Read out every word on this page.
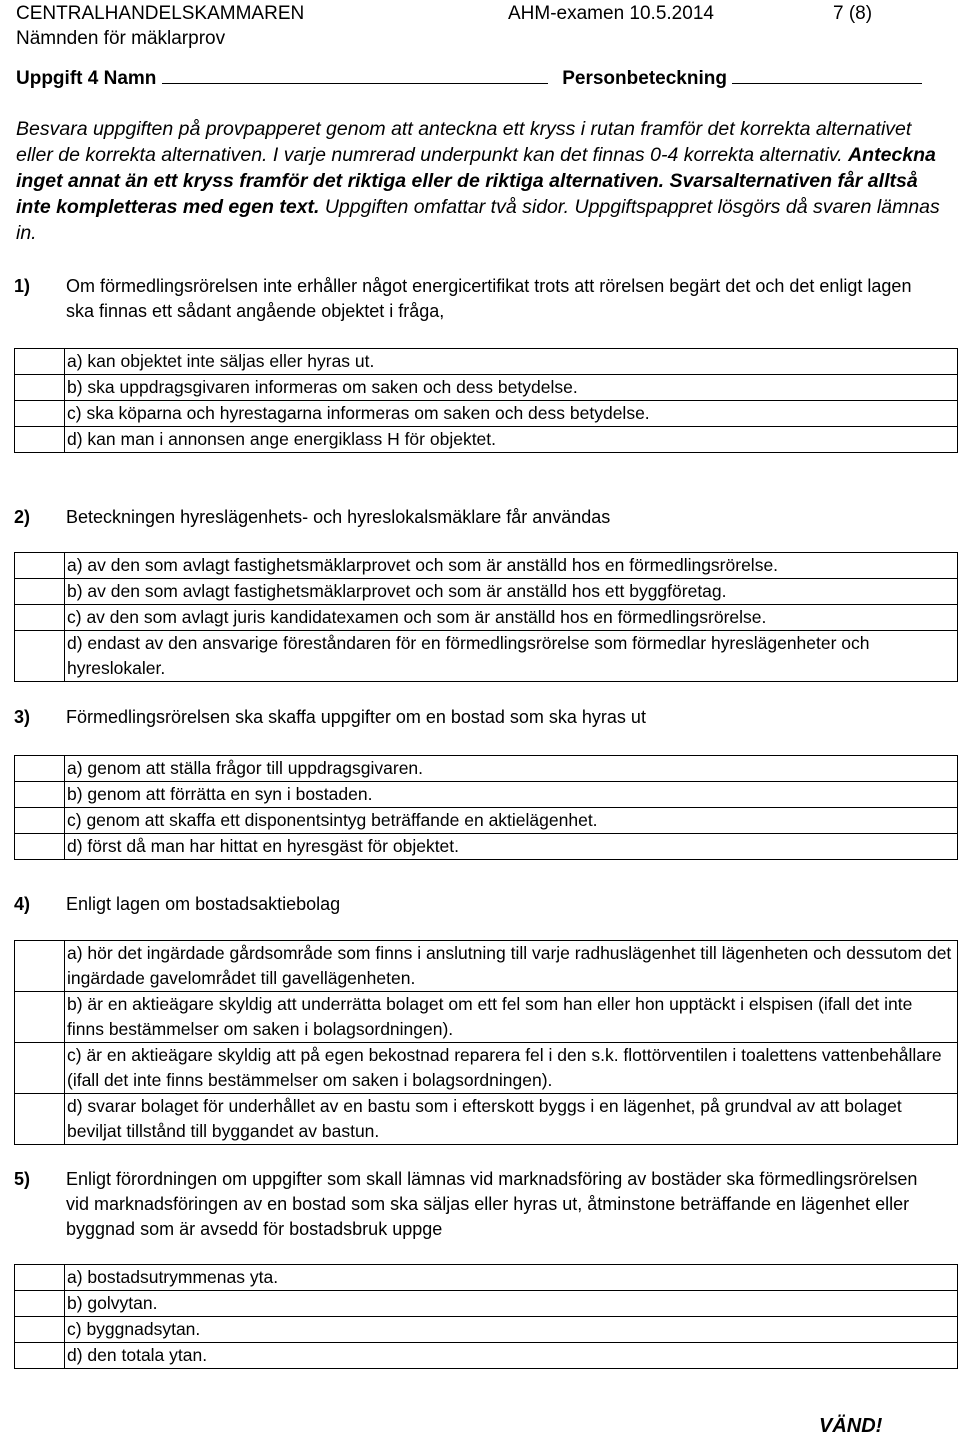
CENTRALHANDELSKAMMAREN	AHM-examen 10.5.2014	7 (8)
Nämnden för mäklarprov
Uppgift 4 Namn	Personbeteckning
Besvara uppgiften på provpapperet genom att anteckna ett kryss i rutan framför det korrekta alternativet eller de korrekta alternativen. I varje numrerad underpunkt kan det finnas 0-4 korrekta alternativ. Anteckna inget annat än ett kryss framför det riktiga eller de riktiga alternativen. Svarsalternativen får alltså inte kompletteras med egen text. Uppgiften omfattar två sidor. Uppgiftspappret lösgörs då svaren lämnas in.
1) Om förmedlingsrörelsen inte erhåller något energicertifikat trots att rörelsen begärt det och det enligt lagen ska finnas ett sådant angående objektet i fråga,
	a) kan objektet inte säljas eller hyras ut.
	b) ska uppdragsgivaren informeras om saken och dess betydelse.
	c) ska köparna och hyrestagarna informeras om saken och dess betydelse.
	d) kan man i annonsen ange energiklass H för objektet.
2) Beteckningen hyreslägenhets- och hyreslokalsmäklare får användas
	a) av den som avlagt fastighetsmäklarprovet och som är anställd hos en förmedlingsrörelse.
	b) av den som avlagt fastighetsmäklarprovet och som är anställd hos ett byggföretag.
	c) av den som avlagt juris kandidatexamen och som är anställd hos en förmedlingsrörelse.
	d) endast av den ansvarige föreståndaren för en förmedlingsrörelse som förmedlar hyreslägenheter och hyreslokaler.
3) Förmedlingsrörelsen ska skaffa uppgifter om en bostad som ska hyras ut
	a) genom att ställa frågor till uppdragsgivaren.
	b) genom att förrätta en syn i bostaden.
	c) genom att skaffa ett disponentsintyg beträffande en aktielägenhet.
	d) först då man har hittat en hyresgäst för objektet.
4) Enligt lagen om bostadsaktiebolag
	a) hör det ingärdade gårdsområde som finns i anslutning till varje radhuslägenhet till lägenheten och dessutom det ingärdade gavelområdet till gavellägenheten.
	b) är en aktieägare skyldig att underrätta bolaget om ett fel som han eller hon upptäckt i elspisen (ifall det inte finns bestämmelser om saken i bolagsordningen).
	c) är en aktieägare skyldig att på egen bekostnad reparera fel i den s.k. flottörventilen i toalettens vattenbehållare (ifall det inte finns bestämmelser om saken i bolagsordningen).
	d) svarar bolaget för underhållet av en bastu som i efterskott byggs i en lägenhet, på grundval av att bolaget beviljat tillstånd till byggandet av bastun.
5) Enligt förordningen om uppgifter som skall lämnas vid marknadsföring av bostäder ska förmedlingsrörelsen vid marknadsföringen av en bostad som ska säljas eller hyras ut, åtminstone beträffande en lägenhet eller byggnad som är avsedd för bostadsbruk uppge
	a) bostadsutrymmenas yta.
	b) golvytan.
	c) byggnadsytan.
	d) den totala ytan.
VÄND!
